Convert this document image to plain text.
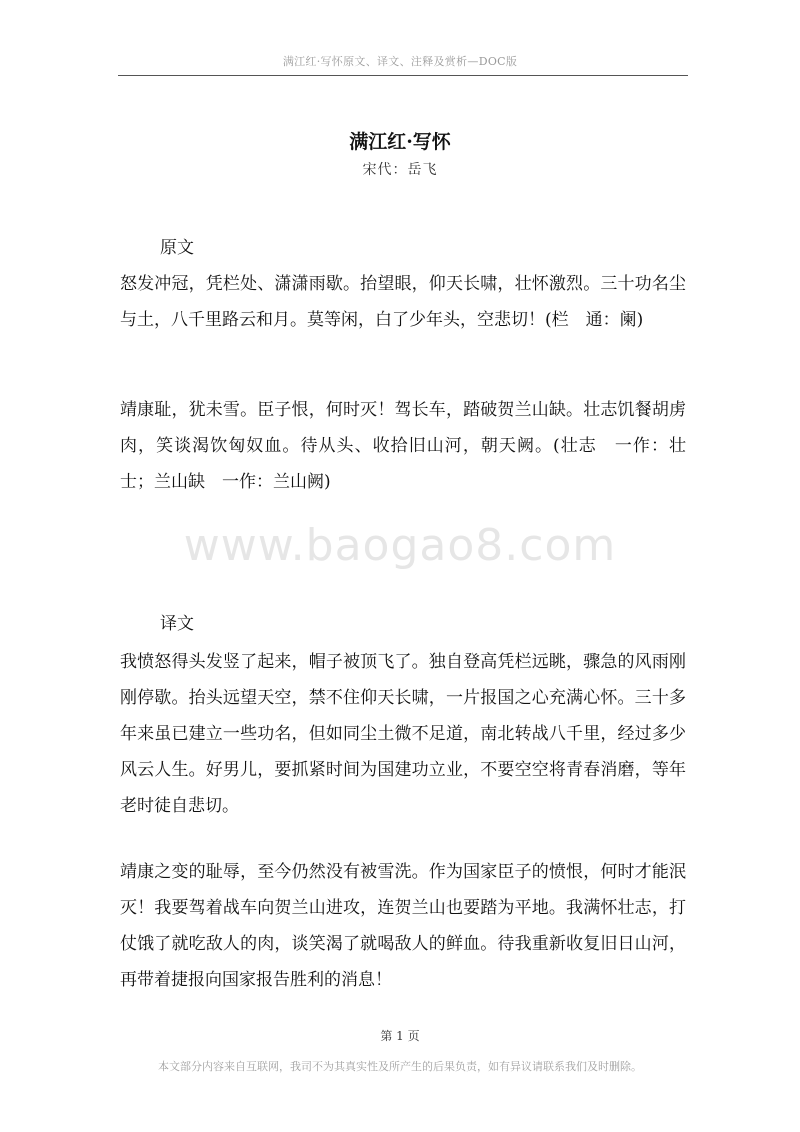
满江红·写怀原文、译文、注释及赏析—DOC版
满江红·写怀
宋代：岳飞
原文
怒发冲冠，凭栏处、潇潇雨歇。抬望眼，仰天长啸，壮怀激烈。三十功名尘与土，八千里路云和月。莫等闲，白了少年头，空悲切！(栏　通：阑)
靖康耻，犹未雪。臣子恨，何时灭！驾长车，踏破贺兰山缺。壮志饥餐胡虏肉，笑谈渴饮匈奴血。待从头、收拾旧山河，朝天阙。(壮志　一作：壮士；兰山缺　一作：兰山阙)
www.baogao8.com
译文
我愤怒得头发竖了起来，帽子被顶飞了。独自登高凭栏远眺，骤急的风雨刚刚停歇。抬头远望天空，禁不住仰天长啸，一片报国之心充满心怀。三十多年来虽已建立一些功名，但如同尘土微不足道，南北转战八千里，经过多少风云人生。好男儿，要抓紧时间为国建功立业，不要空空将青春消磨，等年老时徒自悲切。
靖康之变的耻辱，至今仍然没有被雪洗。作为国家臣子的愤恨，何时才能泯灭！我要驾着战车向贺兰山进攻，连贺兰山也要踏为平地。我满怀壮志，打仗饿了就吃敌人的肉，谈笑渴了就喝敌人的鲜血。待我重新收复旧日山河，再带着捷报向国家报告胜利的消息！
第 1 页
本文部分内容来自互联网，我司不为其真实性及所产生的后果负责，如有异议请联系我们及时删除。
